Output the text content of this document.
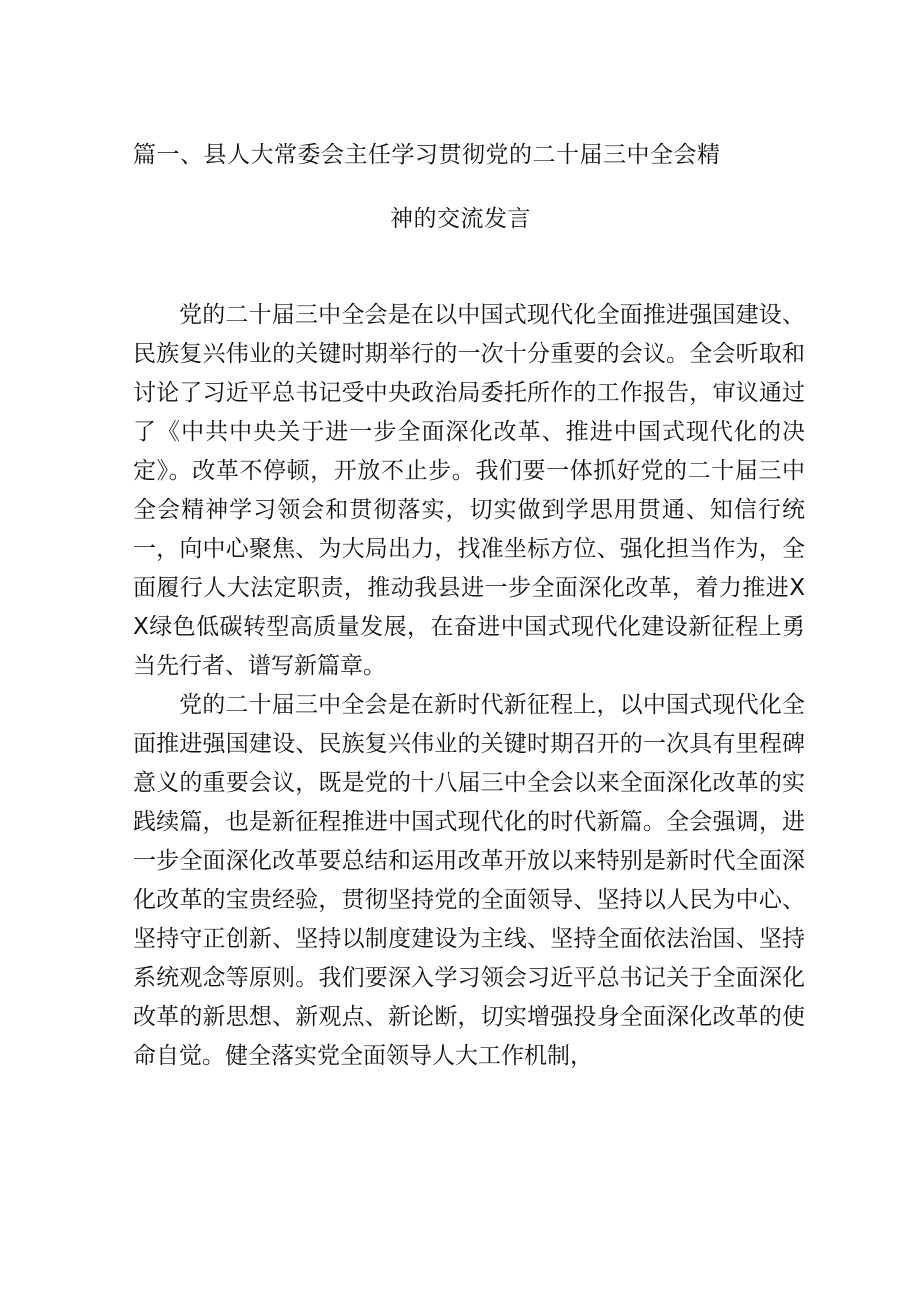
篇一、县人大常委会主任学习贯彻党的二十届三中全会精
神的交流发言

党的二十届三中全会是在以中国式现代化全面推进强国建设、民族复兴伟业的关键时期举行的一次十分重要的会议。全会听取和讨论了习近平总书记受中央政治局委托所作的工作报告，审议通过了《中共中央关于进一步全面深化改革、推进中国式现代化的决定》。改革不停顿，开放不止步。我们要一体抓好党的二十届三中全会精神学习领会和贯彻落实，切实做到学思用贯通、知信行统一，向中心聚焦、为大局出力，找准坐标方位、强化担当作为，全面履行人大法定职责，推动我县进一步全面深化改革，着力推进XX绿色低碳转型高质量发展，在奋进中国式现代化建设新征程上勇当先行者、谱写新篇章。

党的二十届三中全会是在新时代新征程上，以中国式现代化全面推进强国建设、民族复兴伟业的关键时期召开的一次具有里程碑意义的重要会议，既是党的十八届三中全会以来全面深化改革的实践续篇，也是新征程推进中国式现代化的时代新篇。全会强调，进一步全面深化改革要总结和运用改革开放以来特别是新时代全面深化改革的宝贵经验，贯彻坚持党的全面领导、坚持以人民为中心、坚持守正创新、坚持以制度建设为主线、坚持全面依法治国、坚持系统观念等原则。我们要深入学习领会习近平总书记关于全面深化改革的新思想、新观点、新论断，切实增强投身全面深化改革的使命自觉。健全落实党全面领导人大工作机制，
